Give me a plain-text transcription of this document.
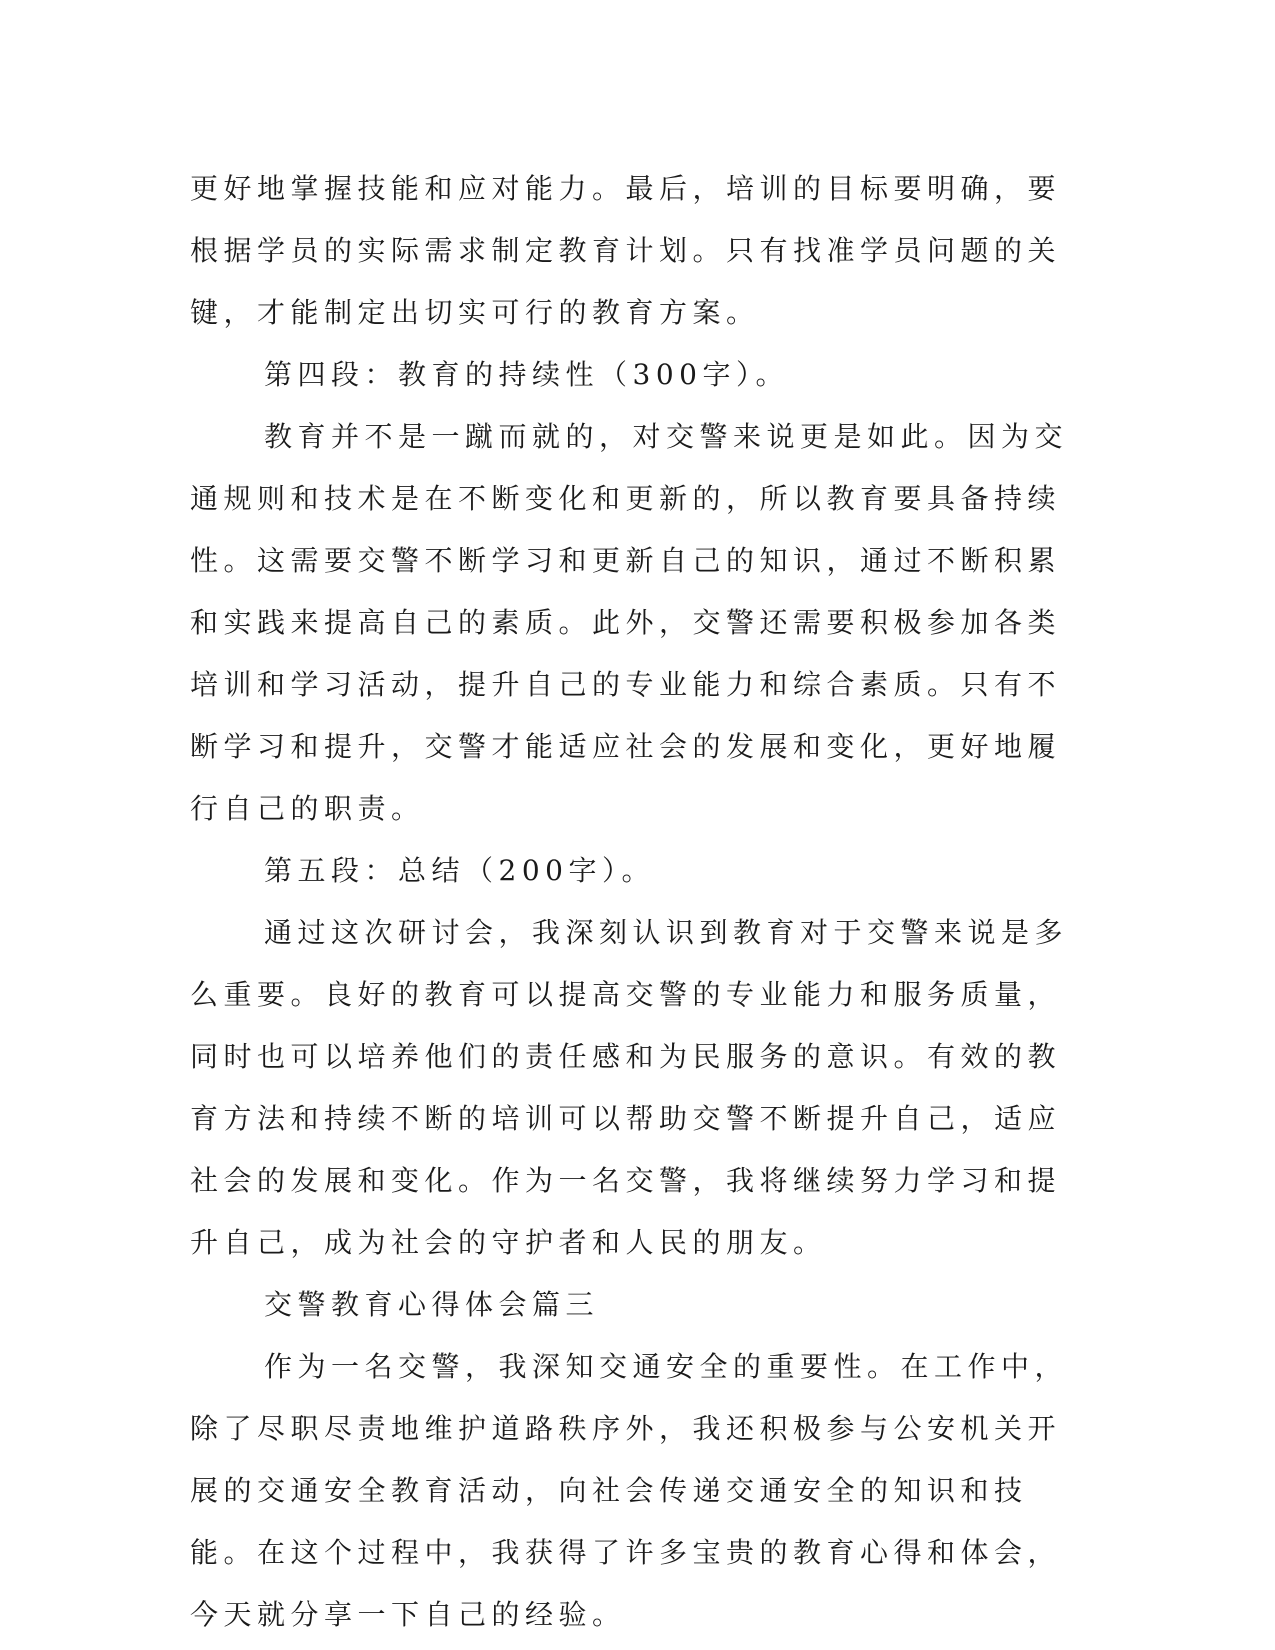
更好地掌握技能和应对能力。最后，培训的目标要明确，要根据学员的实际需求制定教育计划。只有找准学员问题的关键，才能制定出切实可行的教育方案。

第四段：教育的持续性（300字）。

教育并不是一蹴而就的，对交警来说更是如此。因为交通规则和技术是在不断变化和更新的，所以教育要具备持续性。这需要交警不断学习和更新自己的知识，通过不断积累和实践来提高自己的素质。此外，交警还需要积极参加各类培训和学习活动，提升自己的专业能力和综合素质。只有不断学习和提升，交警才能适应社会的发展和变化，更好地履行自己的职责。

第五段：总结（200字）。

通过这次研讨会，我深刻认识到教育对于交警来说是多么重要。良好的教育可以提高交警的专业能力和服务质量，同时也可以培养他们的责任感和为民服务的意识。有效的教育方法和持续不断的培训可以帮助交警不断提升自己，适应社会的发展和变化。作为一名交警，我将继续努力学习和提升自己，成为社会的守护者和人民的朋友。

交警教育心得体会篇三

作为一名交警，我深知交通安全的重要性。在工作中，除了尽职尽责地维护道路秩序外，我还积极参与公安机关开展的交通安全教育活动，向社会传递交通安全的知识和技能。在这个过程中，我获得了许多宝贵的教育心得和体会，今天就分享一下自己的经验。
